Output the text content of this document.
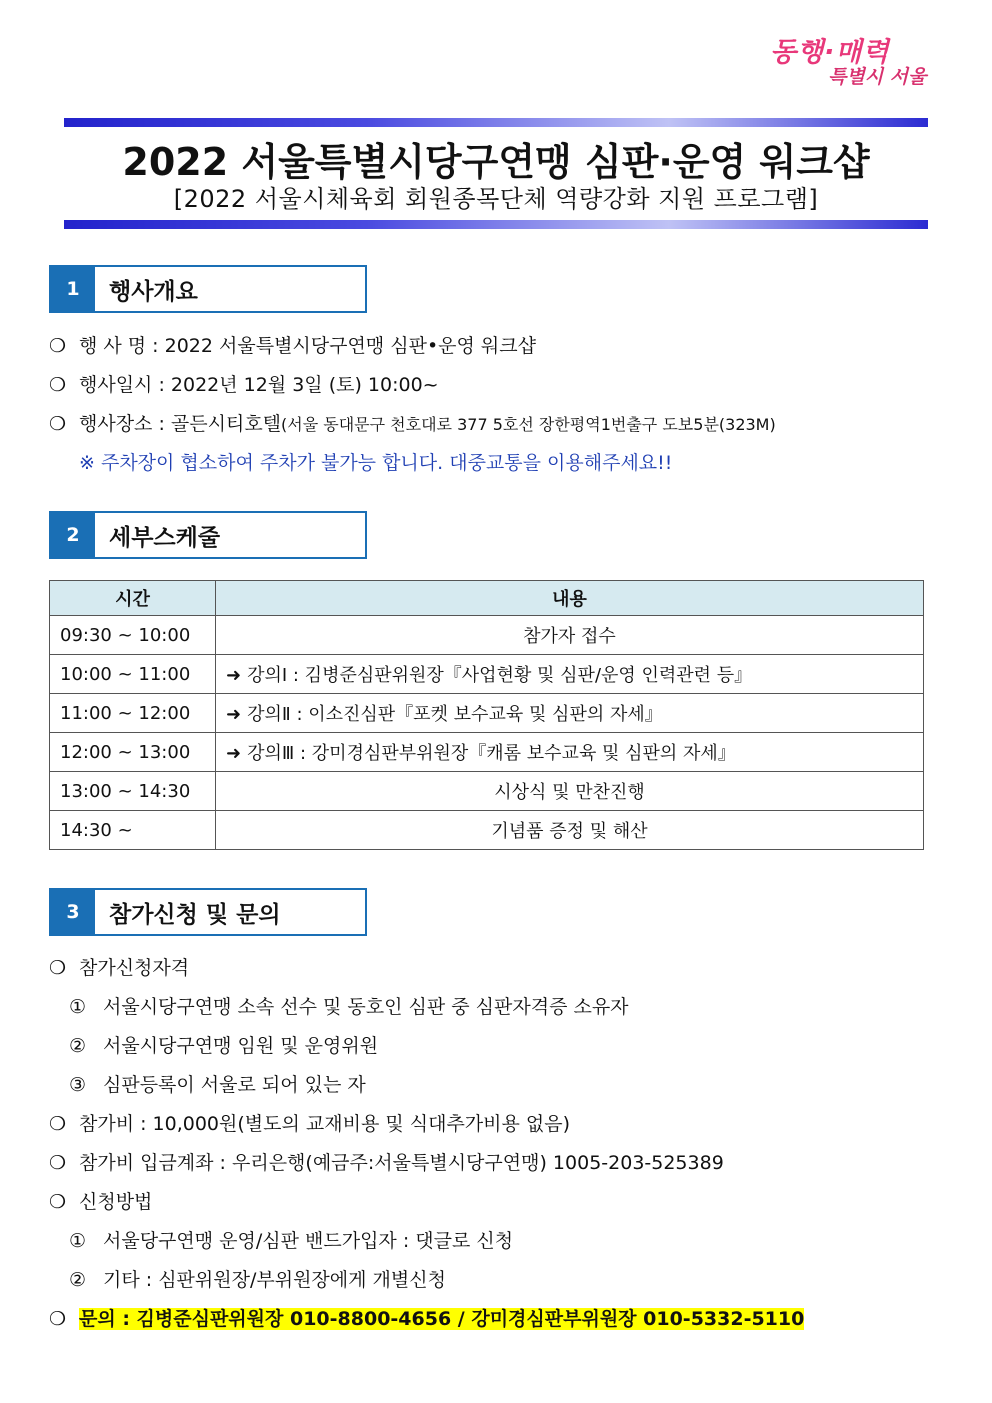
동행·매력
특별시 서울
2022 서울특별시당구연맹 심판·운영 워크샵
[2022 서울시체육회 회원종목단체 역량강화 지원 프로그램]
1	행사개요
❍ 행 사 명 : 2022 서울특별시당구연맹 심판•운영 워크샵
❍ 행사일시 : 2022년 12월 3일 (토) 10:00~
❍ 행사장소 : 골든시티호텔(서울 동대문구 천호대로 377 5호선 장한평역1번출구 도보5분(323M)
※ 주차장이 협소하여 주차가 불가능 합니다. 대중교통을 이용해주세요!!
2	세부스케줄
시간	내용
09:30 ~ 10:00	참가자 접수
10:00 ~ 11:00	➜ 강의Ⅰ : 김병준심판위원장『사업현황 및 심판/운영 인력관련 등』
11:00 ~ 12:00	➜ 강의Ⅱ : 이소진심판『포켓 보수교육 및 심판의 자세』
12:00 ~ 13:00	➜ 강의Ⅲ : 강미경심판부위원장『캐롬 보수교육 및 심판의 자세』
13:00 ~ 14:30	시상식 및 만찬진행
14:30 ~	기념품 증정 및 해산
3	참가신청 및 문의
❍ 참가신청자격
① 서울시당구연맹 소속 선수 및 동호인 심판 중 심판자격증 소유자
② 서울시당구연맹 임원 및 운영위원
③ 심판등록이 서울로 되어 있는 자
❍ 참가비 : 10,000원(별도의 교재비용 및 식대추가비용 없음)
❍ 참가비 입금계좌 : 우리은행(예금주:서울특별시당구연맹) 1005-203-525389
❍ 신청방법
① 서울당구연맹 운영/심판 밴드가입자 : 댓글로 신청
② 기타 : 심판위원장/부위원장에게 개별신청
❍ 문의 : 김병준심판위원장 010-8800-4656 / 강미경심판부위원장 010-5332-5110
